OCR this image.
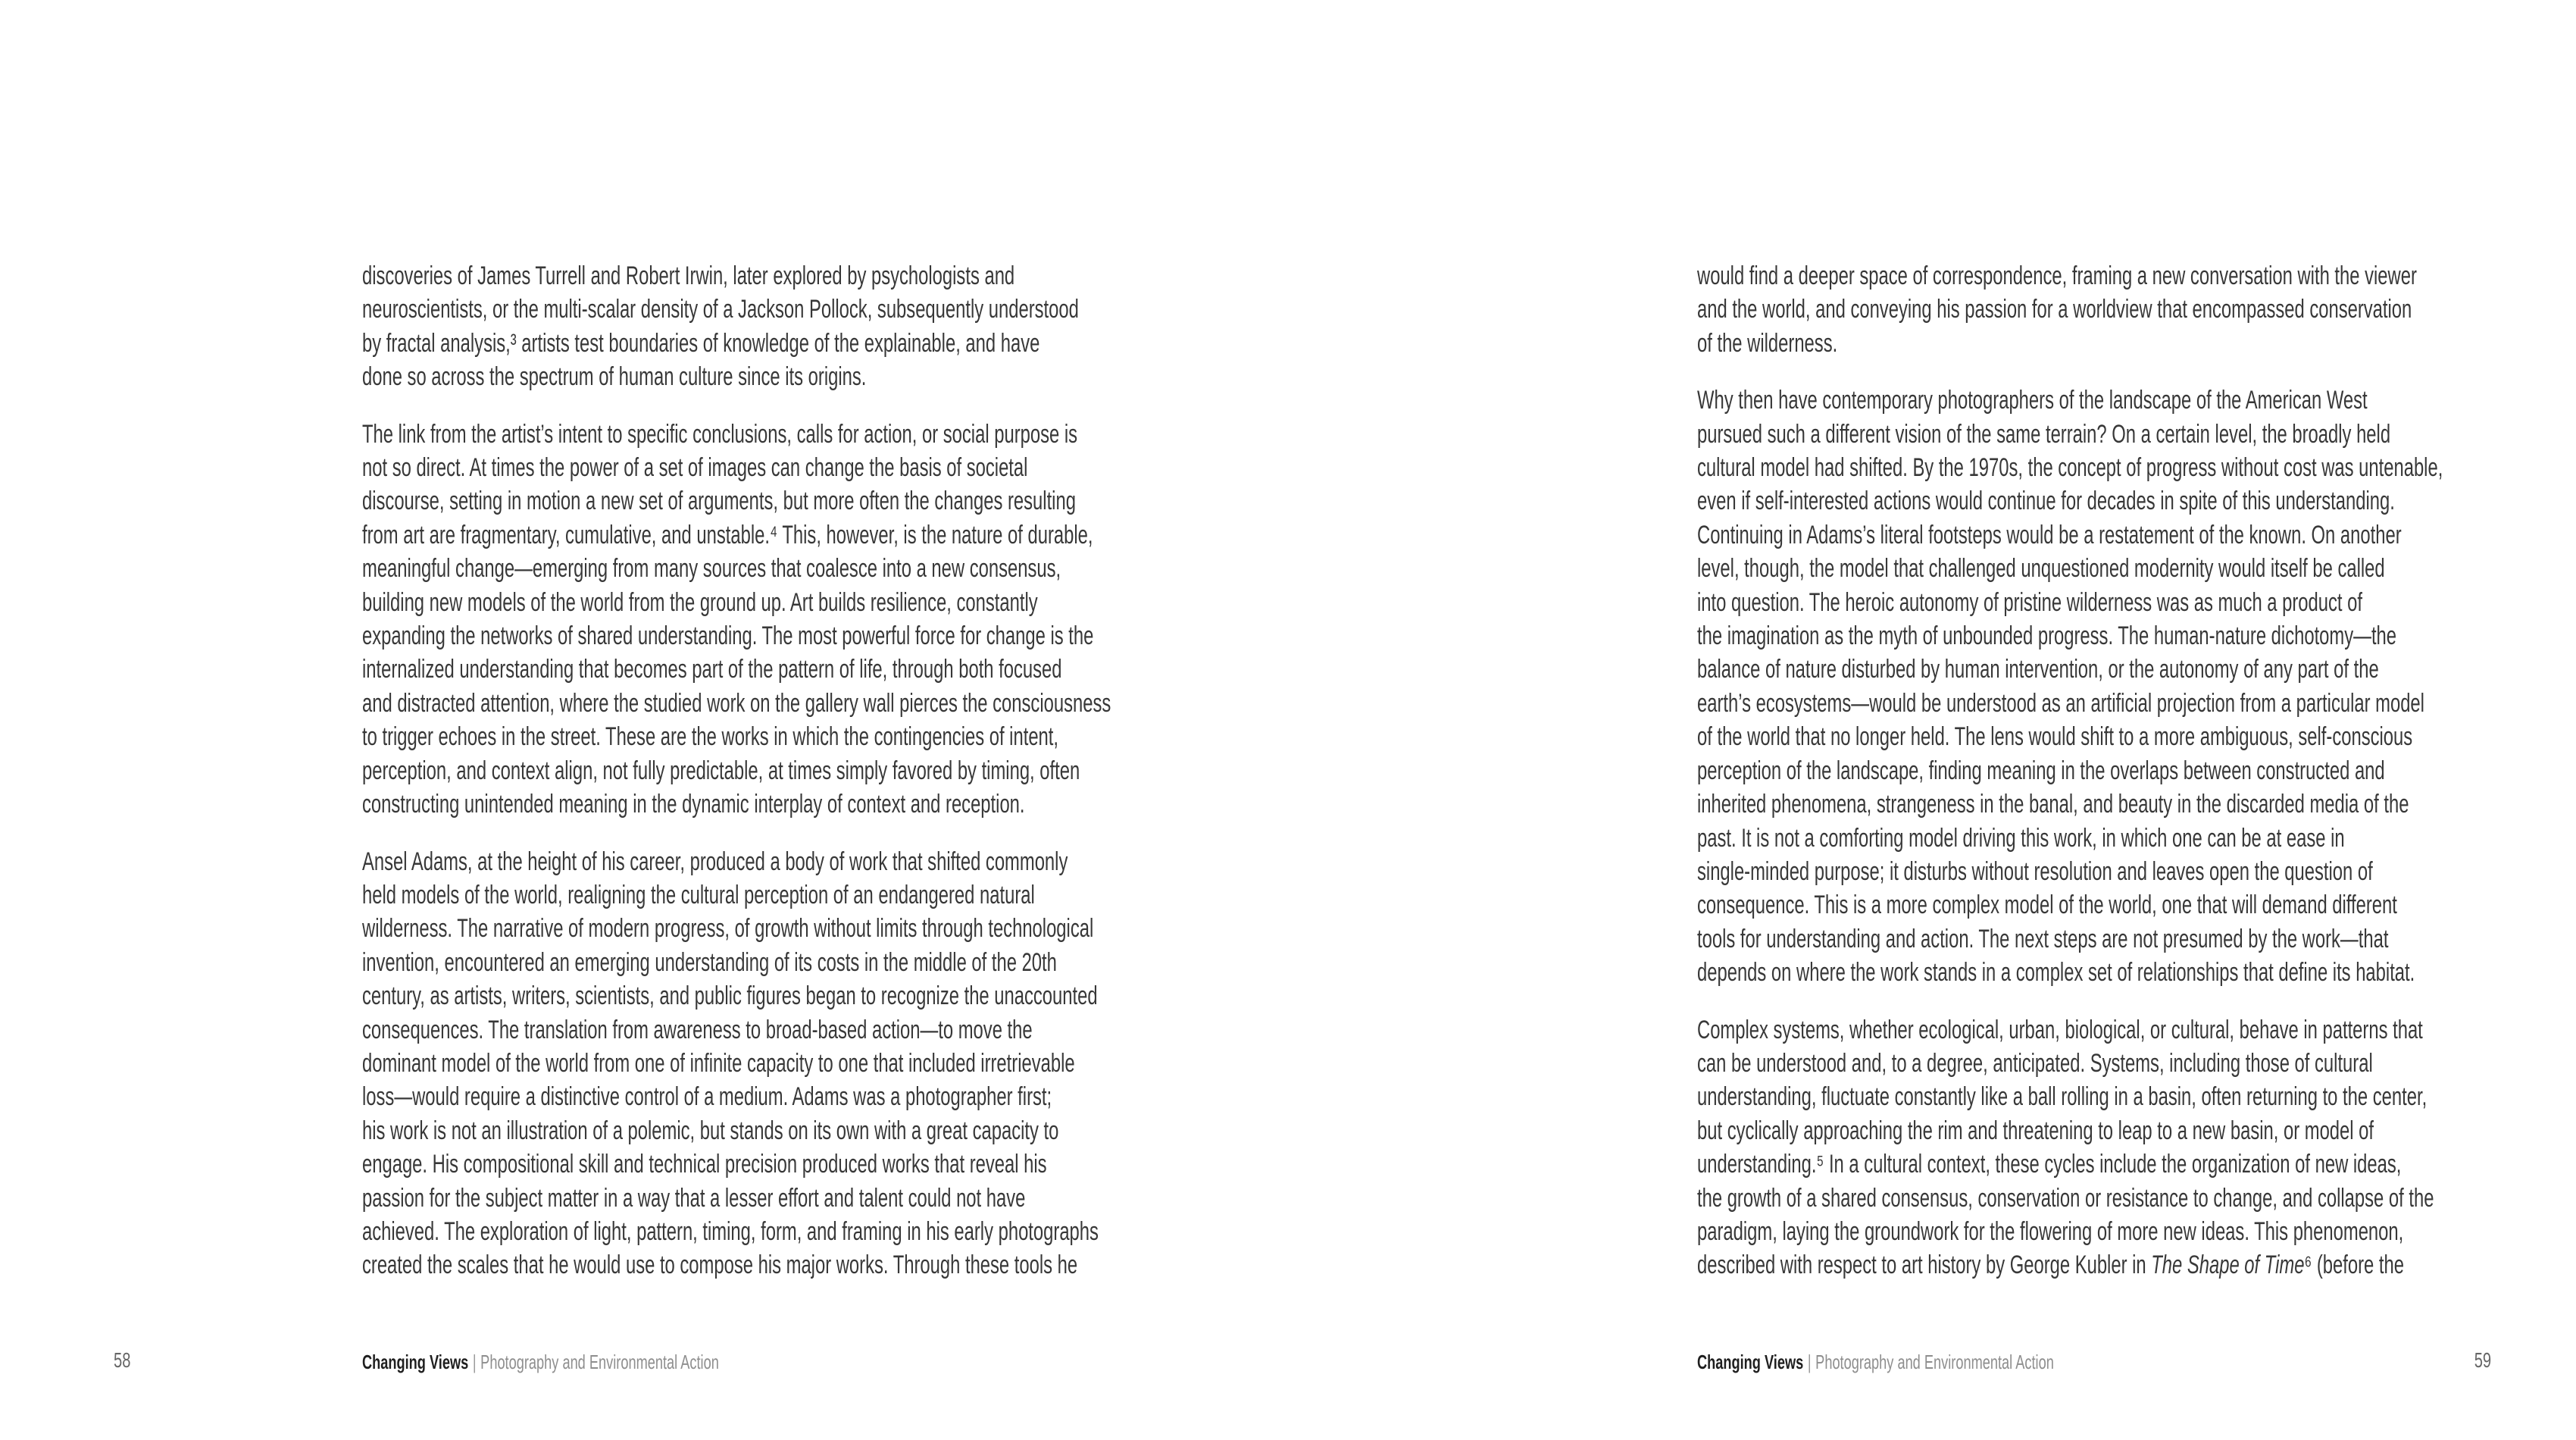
discoveries of James Turrell and Robert Irwin, later explored by psychologists and
neuroscientists, or the multi-scalar density of a Jackson Pollock, subsequently understood
by fractal analysis,³ artists test boundaries of knowledge of the explainable, and have
done so across the spectrum of human culture since its origins.

The link from the artist’s intent to specific conclusions, calls for action, or social purpose is
not so direct. At times the power of a set of images can change the basis of societal
discourse, setting in motion a new set of arguments, but more often the changes resulting
from art are fragmentary, cumulative, and unstable.⁴ This, however, is the nature of durable,
meaningful change—emerging from many sources that coalesce into a new consensus,
building new models of the world from the ground up. Art builds resilience, constantly
expanding the networks of shared understanding. The most powerful force for change is the
internalized understanding that becomes part of the pattern of life, through both focused
and distracted attention, where the studied work on the gallery wall pierces the consciousness
to trigger echoes in the street. These are the works in which the contingencies of intent,
perception, and context align, not fully predictable, at times simply favored by timing, often
constructing unintended meaning in the dynamic interplay of context and reception.

Ansel Adams, at the height of his career, produced a body of work that shifted commonly
held models of the world, realigning the cultural perception of an endangered natural
wilderness. The narrative of modern progress, of growth without limits through technological
invention, encountered an emerging understanding of its costs in the middle of the 20th
century, as artists, writers, scientists, and public figures began to recognize the unaccounted
consequences. The translation from awareness to broad-based action—to move the
dominant model of the world from one of infinite capacity to one that included irretrievable
loss—would require a distinctive control of a medium. Adams was a photographer first;
his work is not an illustration of a polemic, but stands on its own with a great capacity to
engage. His compositional skill and technical precision produced works that reveal his
passion for the subject matter in a way that a lesser effort and talent could not have
achieved. The exploration of light, pattern, timing, form, and framing in his early photographs
created the scales that he would use to compose his major works. Through these tools he

would find a deeper space of correspondence, framing a new conversation with the viewer
and the world, and conveying his passion for a worldview that encompassed conservation
of the wilderness.

Why then have contemporary photographers of the landscape of the American West
pursued such a different vision of the same terrain? On a certain level, the broadly held
cultural model had shifted. By the 1970s, the concept of progress without cost was untenable,
even if self-interested actions would continue for decades in spite of this understanding.
Continuing in Adams’s literal footsteps would be a restatement of the known. On another
level, though, the model that challenged unquestioned modernity would itself be called
into question. The heroic autonomy of pristine wilderness was as much a product of
the imagination as the myth of unbounded progress. The human-nature dichotomy—the
balance of nature disturbed by human intervention, or the autonomy of any part of the
earth’s ecosystems—would be understood as an artificial projection from a particular model
of the world that no longer held. The lens would shift to a more ambiguous, self-conscious
perception of the landscape, finding meaning in the overlaps between constructed and
inherited phenomena, strangeness in the banal, and beauty in the discarded media of the
past. It is not a comforting model driving this work, in which one can be at ease in
single-minded purpose; it disturbs without resolution and leaves open the question of
consequence. This is a more complex model of the world, one that will demand different
tools for understanding and action. The next steps are not presumed by the work—that
depends on where the work stands in a complex set of relationships that define its habitat.

Complex systems, whether ecological, urban, biological, or cultural, behave in patterns that
can be understood and, to a degree, anticipated. Systems, including those of cultural
understanding, fluctuate constantly like a ball rolling in a basin, often returning to the center,
but cyclically approaching the rim and threatening to leap to a new basin, or model of
understanding.⁵ In a cultural context, these cycles include the organization of new ideas,
the growth of a shared consensus, conservation or resistance to change, and collapse of the
paradigm, laying the groundwork for the flowering of more new ideas. This phenomenon,
described with respect to art history by George Kubler in The Shape of Time⁶ (before the

58	Changing Views | Photography and Environmental Action	Changing Views | Photography and Environmental Action	59
